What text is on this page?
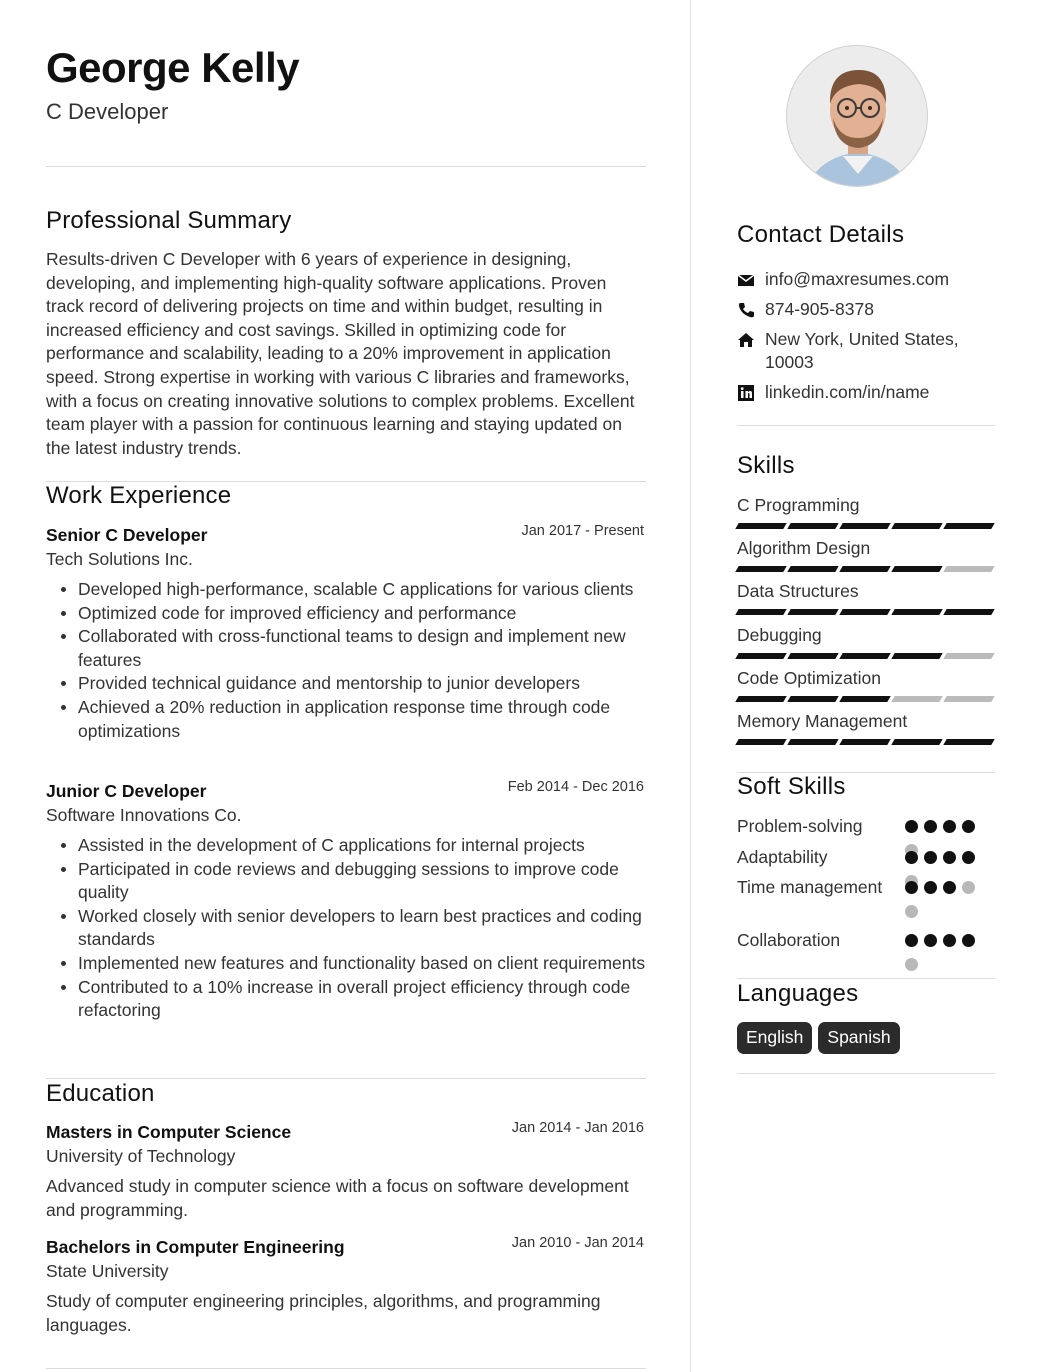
George Kelly
C Developer
Professional Summary
Results-driven C Developer with 6 years of experience in designing, developing, and implementing high-quality software applications. Proven track record of delivering projects on time and within budget, resulting in increased efficiency and cost savings. Skilled in optimizing code for performance and scalability, leading to a 20% improvement in application speed. Strong expertise in working with various C libraries and frameworks, with a focus on creating innovative solutions to complex problems. Excellent team player with a passion for continuous learning and staying updated on the latest industry trends.
Work Experience
Senior C Developer	Jan 2017 - Present
Tech Solutions Inc.
Developed high-performance, scalable C applications for various clients
Optimized code for improved efficiency and performance
Collaborated with cross-functional teams to design and implement new features
Provided technical guidance and mentorship to junior developers
Achieved a 20% reduction in application response time through code optimizations
Junior C Developer	Feb 2014 - Dec 2016
Software Innovations Co.
Assisted in the development of C applications for internal projects
Participated in code reviews and debugging sessions to improve code quality
Worked closely with senior developers to learn best practices and coding standards
Implemented new features and functionality based on client requirements
Contributed to a 10% increase in overall project efficiency through code refactoring
Education
Masters in Computer Science	Jan 2014 - Jan 2016
University of Technology
Advanced study in computer science with a focus on software development and programming.
Bachelors in Computer Engineering	Jan 2010 - Jan 2014
State University
Study of computer engineering principles, algorithms, and programming languages.
Contact Details
info@maxresumes.com
874-905-8378
New York, United States, 10003
linkedin.com/in/name
Skills
C Programming
Algorithm Design
Data Structures
Debugging
Code Optimization
Memory Management
Soft Skills
Problem-solving
Adaptability
Time management
Collaboration
Languages
English	Spanish
